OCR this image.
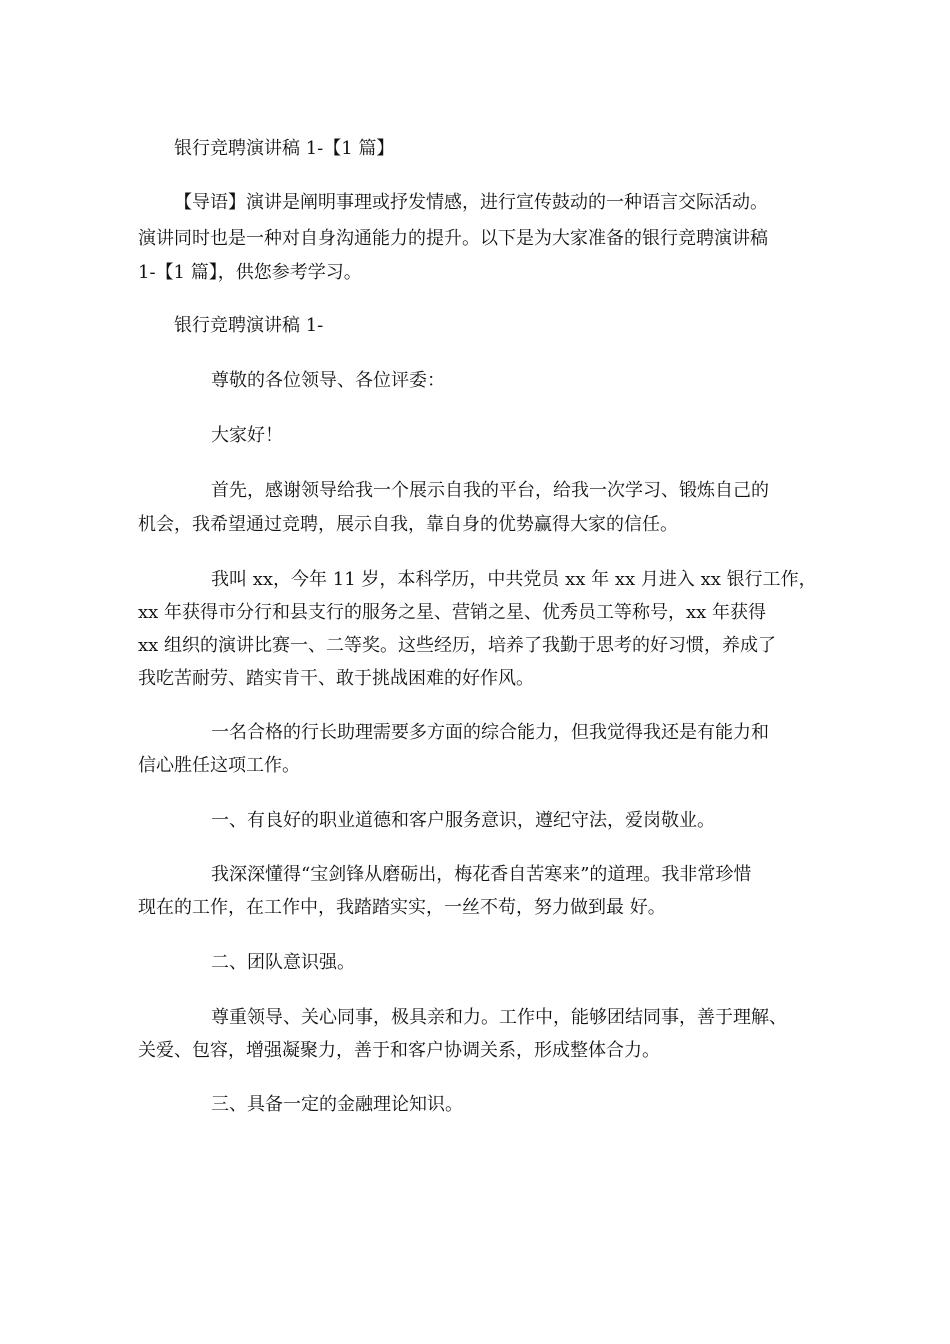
银行竞聘演讲稿 1-【1 篇】
【导语】演讲是阐明事理或抒发情感，进行宣传鼓动的一种语言交际活动。
演讲同时也是一种对自身沟通能力的提升。以下是为大家准备的银行竞聘演讲稿
1-【1 篇】，供您参考学习。
银行竞聘演讲稿 1-
尊敬的各位领导、各位评委：
大家好！
首先，感谢领导给我一个展示自我的平台，给我一次学习、锻炼自己的
机会，我希望通过竞聘，展示自我，靠自身的优势赢得大家的信任。
我叫 xx，今年 11 岁，本科学历，中共党员 xx 年 xx 月进入 xx 银行工作，
xx 年获得市分行和县支行的服务之星、营销之星、优秀员工等称号，xx 年获得
xx 组织的演讲比赛一、二等奖。这些经历，培养了我勤于思考的好习惯，养成了
我吃苦耐劳、踏实肯干、敢于挑战困难的好作风。
一名合格的行长助理需要多方面的综合能力，但我觉得我还是有能力和
信心胜任这项工作。
一、有良好的职业道德和客户服务意识，遵纪守法，爱岗敬业。
我深深懂得“宝剑锋从磨砺出，梅花香自苦寒来”的道理。我非常珍惜
现在的工作，在工作中，我踏踏实实，一丝不苟，努力做到最 好。
二、团队意识强。
尊重领导、关心同事，极具亲和力。工作中，能够团结同事，善于理解、
关爱、包容，增强凝聚力，善于和客户协调关系，形成整体合力。
三、具备一定的金融理论知识。
